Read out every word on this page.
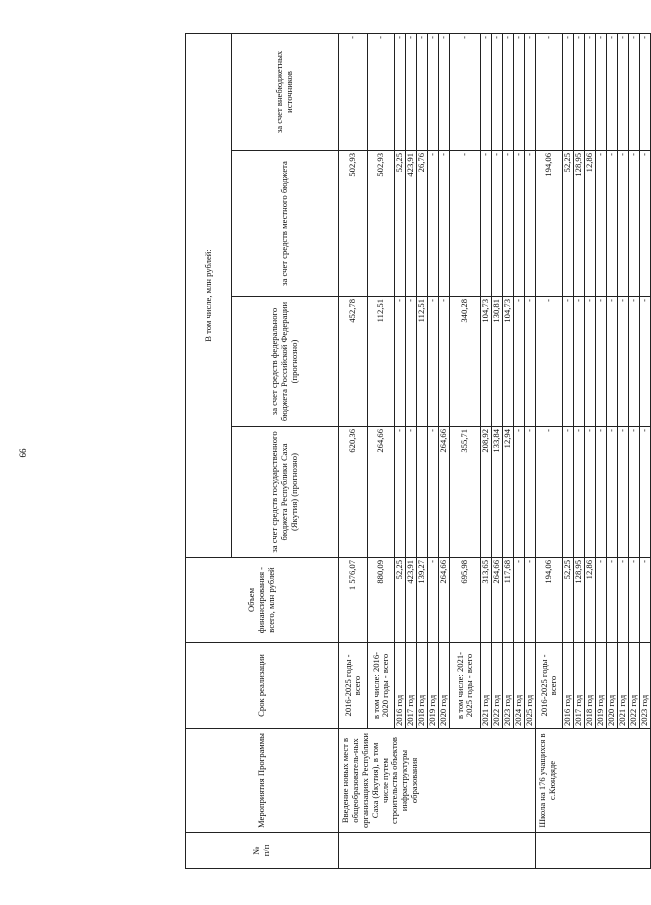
66
№
п/п	Мероприятия Программы	Срок реализации	Объем финансирования - всего, млн рублей	В том числе, млн рублей:			
				за счет средств государственного бюджета Республики Саха (Якутия) (прогнозно)	за счет средств федерального бюджета Российской Федерации (прогнозно)	за счет средств местного бюджета	за счет внебюджетных источников
	Введение новых мест в общеобразователь-ных организациях Республики Саха (Якутия), в том числе путем строительства объектов инфраструктуры образования	2016-2025 годы - всего	1 576,07	620,36	452,78	502,93	-
		в том числе: 2016-2020 годы - всего	880,09	264,66	112,51	502,93	-
		2016 год	52,25	-	-	52,25	-
		2017 год	423,91	-	-	423,91	-
		2018 год	139,27		112,51	26,76	-
		2019 год	-	-	-	-	-
		2020 год	264,66	264,66	-	-	-
		в том числе: 2021-2025 годы - всего	695,98	355,71	340,28	-	-
		2021 год	313,65	208,92	104,73	-	-
		2022 год	264,66	133,84	130,81	-	-
		2023 год	117,68	12,94	104,73	-	-
		2024 год	-	-	-	-	-
		2025 год	-	-	-	-	-
	Школа на 176 учащихся в с.Кюндяде	2016-2025 годы - всего	194,06	-	-	194,06	-
		2016 год	52,25	-	-	52,25	-
		2017 год	128,95	-	-	128,95	-
		2018 год	12,86	-	-	12,86	-
		2019 год	-	-	-	-	-
		2020 год	-	-	-	-	-
		2021 год	-	-	-	-	-
		2022 год	-	-	-	-	-
		2023 год	-	-	-	-	-
